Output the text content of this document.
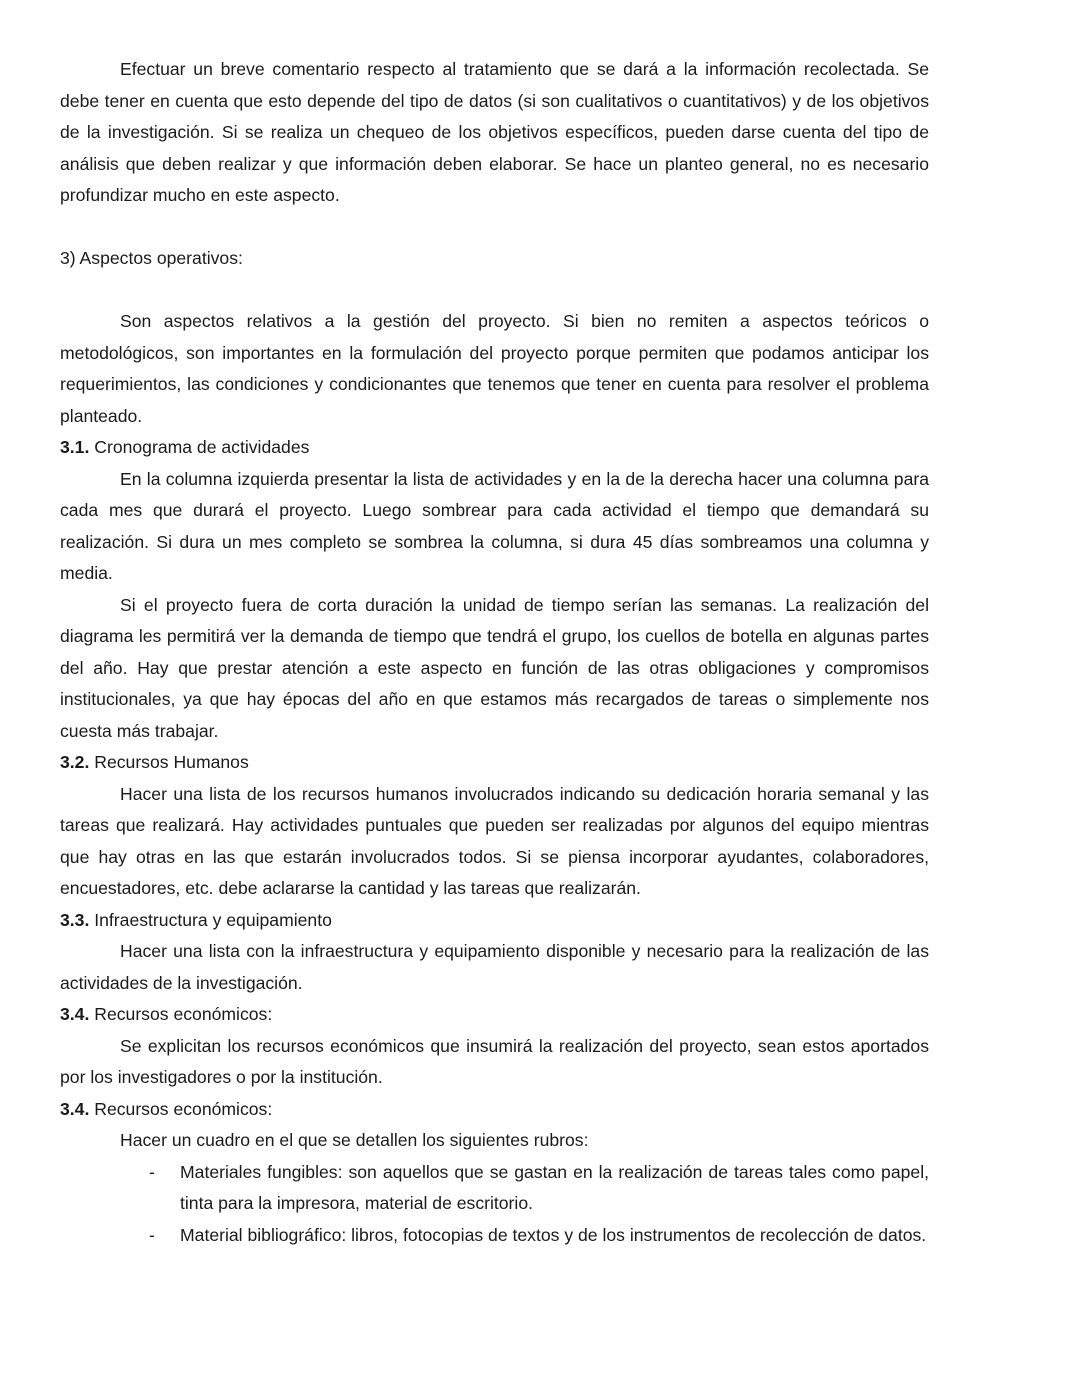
Efectuar un breve comentario respecto al tratamiento que se dará a la información recolectada. Se debe tener en cuenta que esto depende del tipo de datos (si son cualitativos o cuantitativos) y de los objetivos de la investigación. Si se realiza un chequeo de los objetivos específicos, pueden darse cuenta del tipo de análisis que deben realizar y que información deben elaborar. Se hace un planteo general, no es necesario profundizar mucho en este aspecto.

3) Aspectos operativos:

Son aspectos relativos a la gestión del proyecto. Si bien no remiten a aspectos teóricos o metodológicos, son importantes en la formulación del proyecto porque permiten que podamos anticipar los requerimientos, las condiciones y condicionantes que tenemos que tener en cuenta para resolver el problema planteado.

3.1. Cronograma de actividades

En la columna izquierda presentar la lista de actividades y en la de la derecha hacer una columna para cada mes que durará el proyecto. Luego sombrear para cada actividad el tiempo que demandará su realización. Si dura un mes completo se sombrea la columna, si dura 45 días sombreamos una columna y media.

Si el proyecto fuera de corta duración la unidad de tiempo serían las semanas. La realización del diagrama les permitirá ver la demanda de tiempo que tendrá el grupo, los cuellos de botella en algunas partes del año. Hay que prestar atención a este aspecto en función de las otras obligaciones y compromisos institucionales, ya que hay épocas del año en que estamos más recargados de tareas o simplemente nos cuesta más trabajar.

3.2. Recursos Humanos

Hacer una lista de los recursos humanos involucrados indicando su dedicación horaria semanal y las tareas que realizará. Hay actividades puntuales que pueden ser realizadas por algunos del equipo mientras que hay otras en las que estarán involucrados todos. Si se piensa incorporar ayudantes, colaboradores, encuestadores, etc. debe aclararse la cantidad y las tareas que realizarán.

3.3. Infraestructura y equipamiento

Hacer una lista con la infraestructura y equipamiento disponible y necesario para la realización de las actividades de la investigación.

3.4. Recursos económicos:

Se explicitan los recursos económicos que insumirá la realización del proyecto, sean estos aportados por los investigadores o por la institución.

3.4. Recursos económicos:

Hacer un cuadro en el que se detallen los siguientes rubros:

- Materiales fungibles: son aquellos que se gastan en la realización de tareas tales como papel, tinta para la impresora, material de escritorio.
- Material bibliográfico: libros, fotocopias de textos y de los instrumentos de recolección de datos.
